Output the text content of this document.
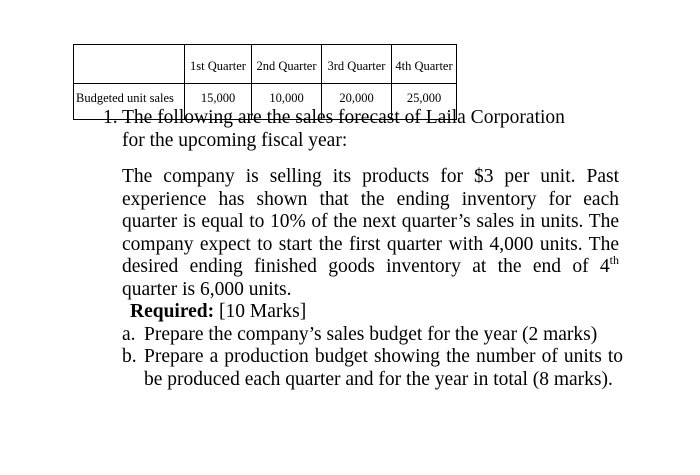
	1st Quarter	2nd Quarter	3rd Quarter	4th Quarter
Budgeted unit sales	15,000	10,000	20,000	25,000
1. The following are the sales forecast of Laila Corporation
for the upcoming fiscal year:
The company is selling its products for $3 per unit. Past experience has shown that the ending inventory for each quarter is equal to 10% of the next quarter’s sales in units. The company expect to start the first quarter with 4,000 units. The desired ending finished goods inventory at the end of 4th quarter is 6,000 units.
Required: [10 Marks]
a. Prepare the company’s sales budget for the year (2 marks)
b. Prepare a production budget showing the number of units to be produced each quarter and for the year in total (8 marks).
